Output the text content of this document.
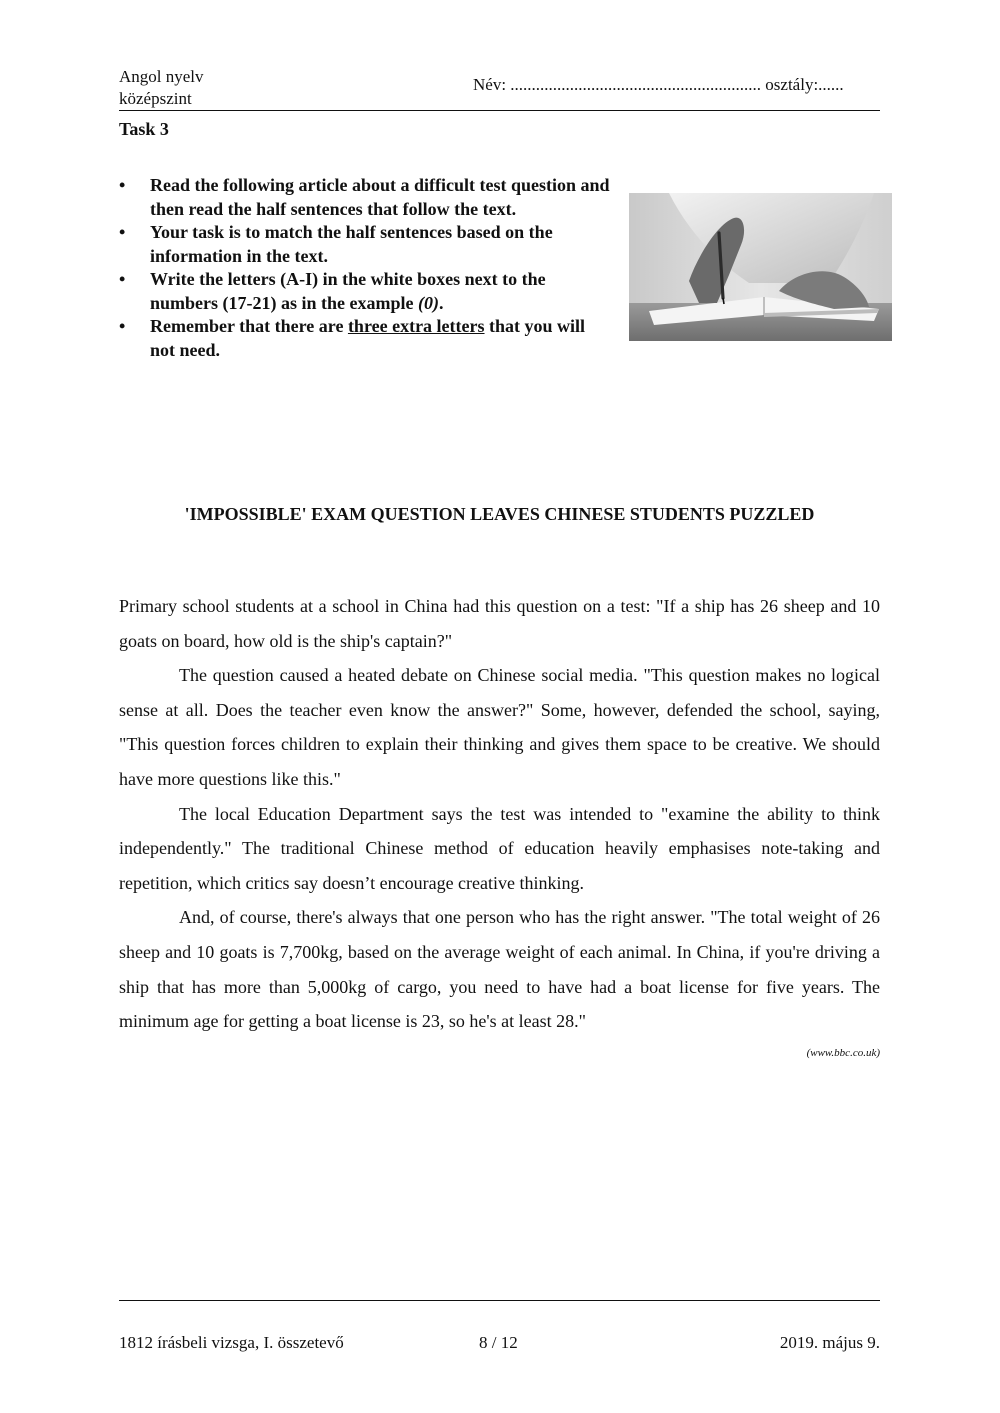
Angol nyelv
középszint
Név: ........................................................... osztály:......
Task 3
• Read the following article about a difficult test question and then read the half sentences that follow the text.
• Your task is to match the half sentences based on the information in the text.
• Write the letters (A-I) in the white boxes next to the numbers (17-21) as in the example (0).
• Remember that there are three extra letters that you will not need.
'IMPOSSIBLE' EXAM QUESTION LEAVES CHINESE STUDENTS PUZZLED

Primary school students at a school in China had this question on a test: "If a ship has 26 sheep and 10 goats on board, how old is the ship's captain?"

The question caused a heated debate on Chinese social media. "This question makes no logical sense at all. Does the teacher even know the answer?" Some, however, defended the school, saying, "This question forces children to explain their thinking and gives them space to be creative. We should have more questions like this."

The local Education Department says the test was intended to "examine the ability to think independently." The traditional Chinese method of education heavily emphasises note-taking and repetition, which critics say doesn’t encourage creative thinking.

And, of course, there's always that one person who has the right answer. "The total weight of 26 sheep and 10 goats is 7,700kg, based on the average weight of each animal. In China, if you're driving a ship that has more than 5,000kg of cargo, you need to have had a boat license for five years. The minimum age for getting a boat license is 23, so he's at least 28."

(www.bbc.co.uk)
1812 írásbeli vizsga, I. összetevő	8 / 12	2019. május 9.
